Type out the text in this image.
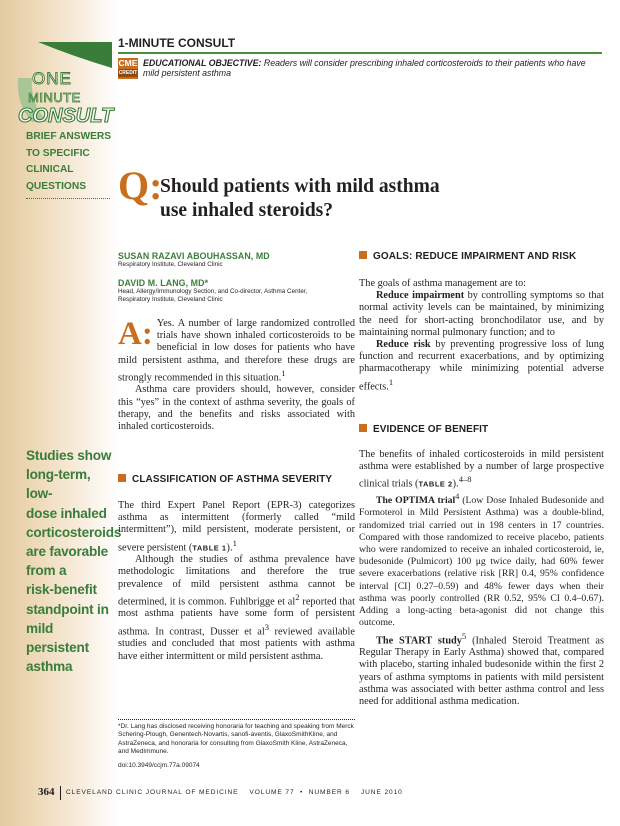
ONE
MINUTE
CONSULT
BRIEF ANSWERS
TO SPECIFIC
CLINICAL
QUESTIONS
Studies show
long-term, low-
dose inhaled
corticosteroids
are favorable
from a
risk-benefit
standpoint in
mild persistent
asthma
1-MINUTE CONSULT
CME
CREDIT
EDUCATIONAL OBJECTIVE: Readers will consider prescribing inhaled corticosteroids to their patients who have mild persistent asthma
Q:
Should patients with mild asthma
use inhaled steroids?
SUSAN RAZAVI ABOUHASSAN, MD
Respiratory Institute, Cleveland Clinic
DAVID M. LANG, MD*
Head, Allergy/Immunology Section, and Co-director, Asthma Center,
Respiratory Institute, Cleveland Clinic

A: Yes. A number of large randomized controlled trials have shown inhaled corticosteroids to be beneficial in low doses for patients who have mild persistent asthma, and therefore these drugs are strongly recommended in this situation.$^1$

Asthma care providers should, however, consider this “yes” in the context of asthma severity, the goals of therapy, and the benefits and risks associated with inhaled corticosteroids.

CLASSIFICATION OF ASTHMA SEVERITY

The third Expert Panel Report (EPR-3) categorizes asthma as intermittent (formerly called “mild intermittent”), mild persistent, moderate persistent, or severe persistent (TABLE 1).$^1$

Although the studies of asthma prevalence have methodologic limitations and therefore the true prevalence of mild persistent asthma cannot be determined, it is common. Fuhlbrigge et $al^2$ reported that most asthma patients have some form of persistent asthma. In contrast, Dusser et $al^3$ reviewed available studies and concluded that most patients with asthma have either intermittent or mild persistent asthma.

*Dr. Lang has disclosed receiving honoraria for teaching and speaking from Merck Schering-Plough, Genentech-Novartis, sanofi-aventis, GlaxoSmithKline, and AstraZeneca, and honoraria for consulting from GlaxoSmith Kline, AstraZeneca, and MedImmune.
doi:10.3949/ccjm.77a.09074
GOALS: REDUCE IMPAIRMENT AND RISK

The goals of asthma management are to:

Reduce impairment by controlling symptoms so that normal activity levels can be maintained, by minimizing the need for short-acting bronchodilator use, and by maintaining normal pulmonary function; and to

Reduce risk by preventing progressive loss of lung function and recurrent exacerbations, and by optimizing pharmacotherapy while minimizing potential adverse effects.$^1$

EVIDENCE OF BENEFIT

The benefits of inhaled corticosteroids in mild persistent asthma were established by a number of large prospective clinical trials (TABLE 2).$^{4-8}$

The OPTIMA trial$^4$ (Low Dose Inhaled Budesonide and Formoterol in Mild Persistent Asthma) was a double-blind, randomized trial carried out in 198 centers in 17 countries. Compared with those randomized to receive placebo, patients who were randomized to receive an inhaled corticosteroid, ie, budesonide (Pulmicort) 100 μg twice daily, had 60% fewer severe exacerbations (relative risk [RR] 0.4, 95% confidence interval [CI] 0.27–0.59) and 48% fewer days when their asthma was poorly controlled (RR 0.52, 95% CI 0.4–0.67). Adding a long-acting beta-agonist did not change this outcome.

The START study$^5$ (Inhaled Steroid Treatment as Regular Therapy in Early Asthma) showed that, compared with placebo, starting inhaled budesonide within the first 2 years of asthma symptoms in patients with mild persistent asthma was associated with better asthma control and less need for additional asthma medication.

364 CLEVELAND CLINIC JOURNAL OF MEDICINE VOLUME 77 • NUMBER 6 JUNE 2010
